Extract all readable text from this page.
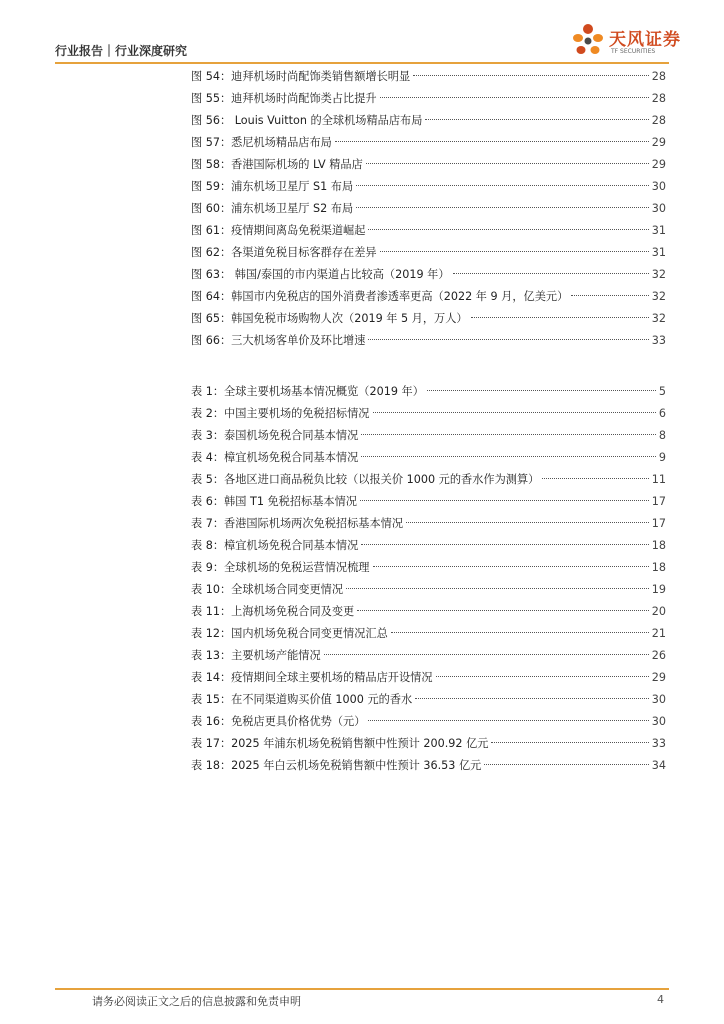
行业报告｜行业深度研究
天风证券
TF SECURITIES
图 54：迪拜机场时尚配饰类销售额增长明显	28
图 55：迪拜机场时尚配饰类占比提升	28
图 56： Louis Vuitton 的全球机场精品店布局	28
图 57：悉尼机场精品店布局	29
图 58：香港国际机场的 LV 精品店	29
图 59：浦东机场卫星厅 S1 布局	30
图 60：浦东机场卫星厅 S2 布局	30
图 61：疫情期间离岛免税渠道崛起	31
图 62：各渠道免税目标客群存在差异	31
图 63： 韩国/泰国的市内渠道占比较高（2019 年）	32
图 64：韩国市内免税店的国外消费者渗透率更高（2022 年 9 月，亿美元）	32
图 65：韩国免税市场购物人次（2019 年 5 月，万人）	32
图 66：三大机场客单价及环比增速	33
表 1：全球主要机场基本情况概览（2019 年）	5
表 2：中国主要机场的免税招标情况	6
表 3：泰国机场免税合同基本情况	8
表 4：樟宜机场免税合同基本情况	9
表 5：各地区进口商品税负比较（以报关价 1000 元的香水作为测算）	11
表 6：韩国 T1 免税招标基本情况	17
表 7：香港国际机场两次免税招标基本情况	17
表 8：樟宜机场免税合同基本情况	18
表 9：全球机场的免税运营情况梳理	18
表 10：全球机场合同变更情况	19
表 11：上海机场免税合同及变更	20
表 12：国内机场免税合同变更情况汇总	21
表 13：主要机场产能情况	26
表 14：疫情期间全球主要机场的精品店开设情况	29
表 15：在不同渠道购买价值 1000 元的香水	30
表 16：免税店更具价格优势（元）	30
表 17：2025 年浦东机场免税销售额中性预计 200.92 亿元	33
表 18：2025 年白云机场免税销售额中性预计 36.53 亿元	34
请务必阅读正文之后的信息披露和免责申明	4
